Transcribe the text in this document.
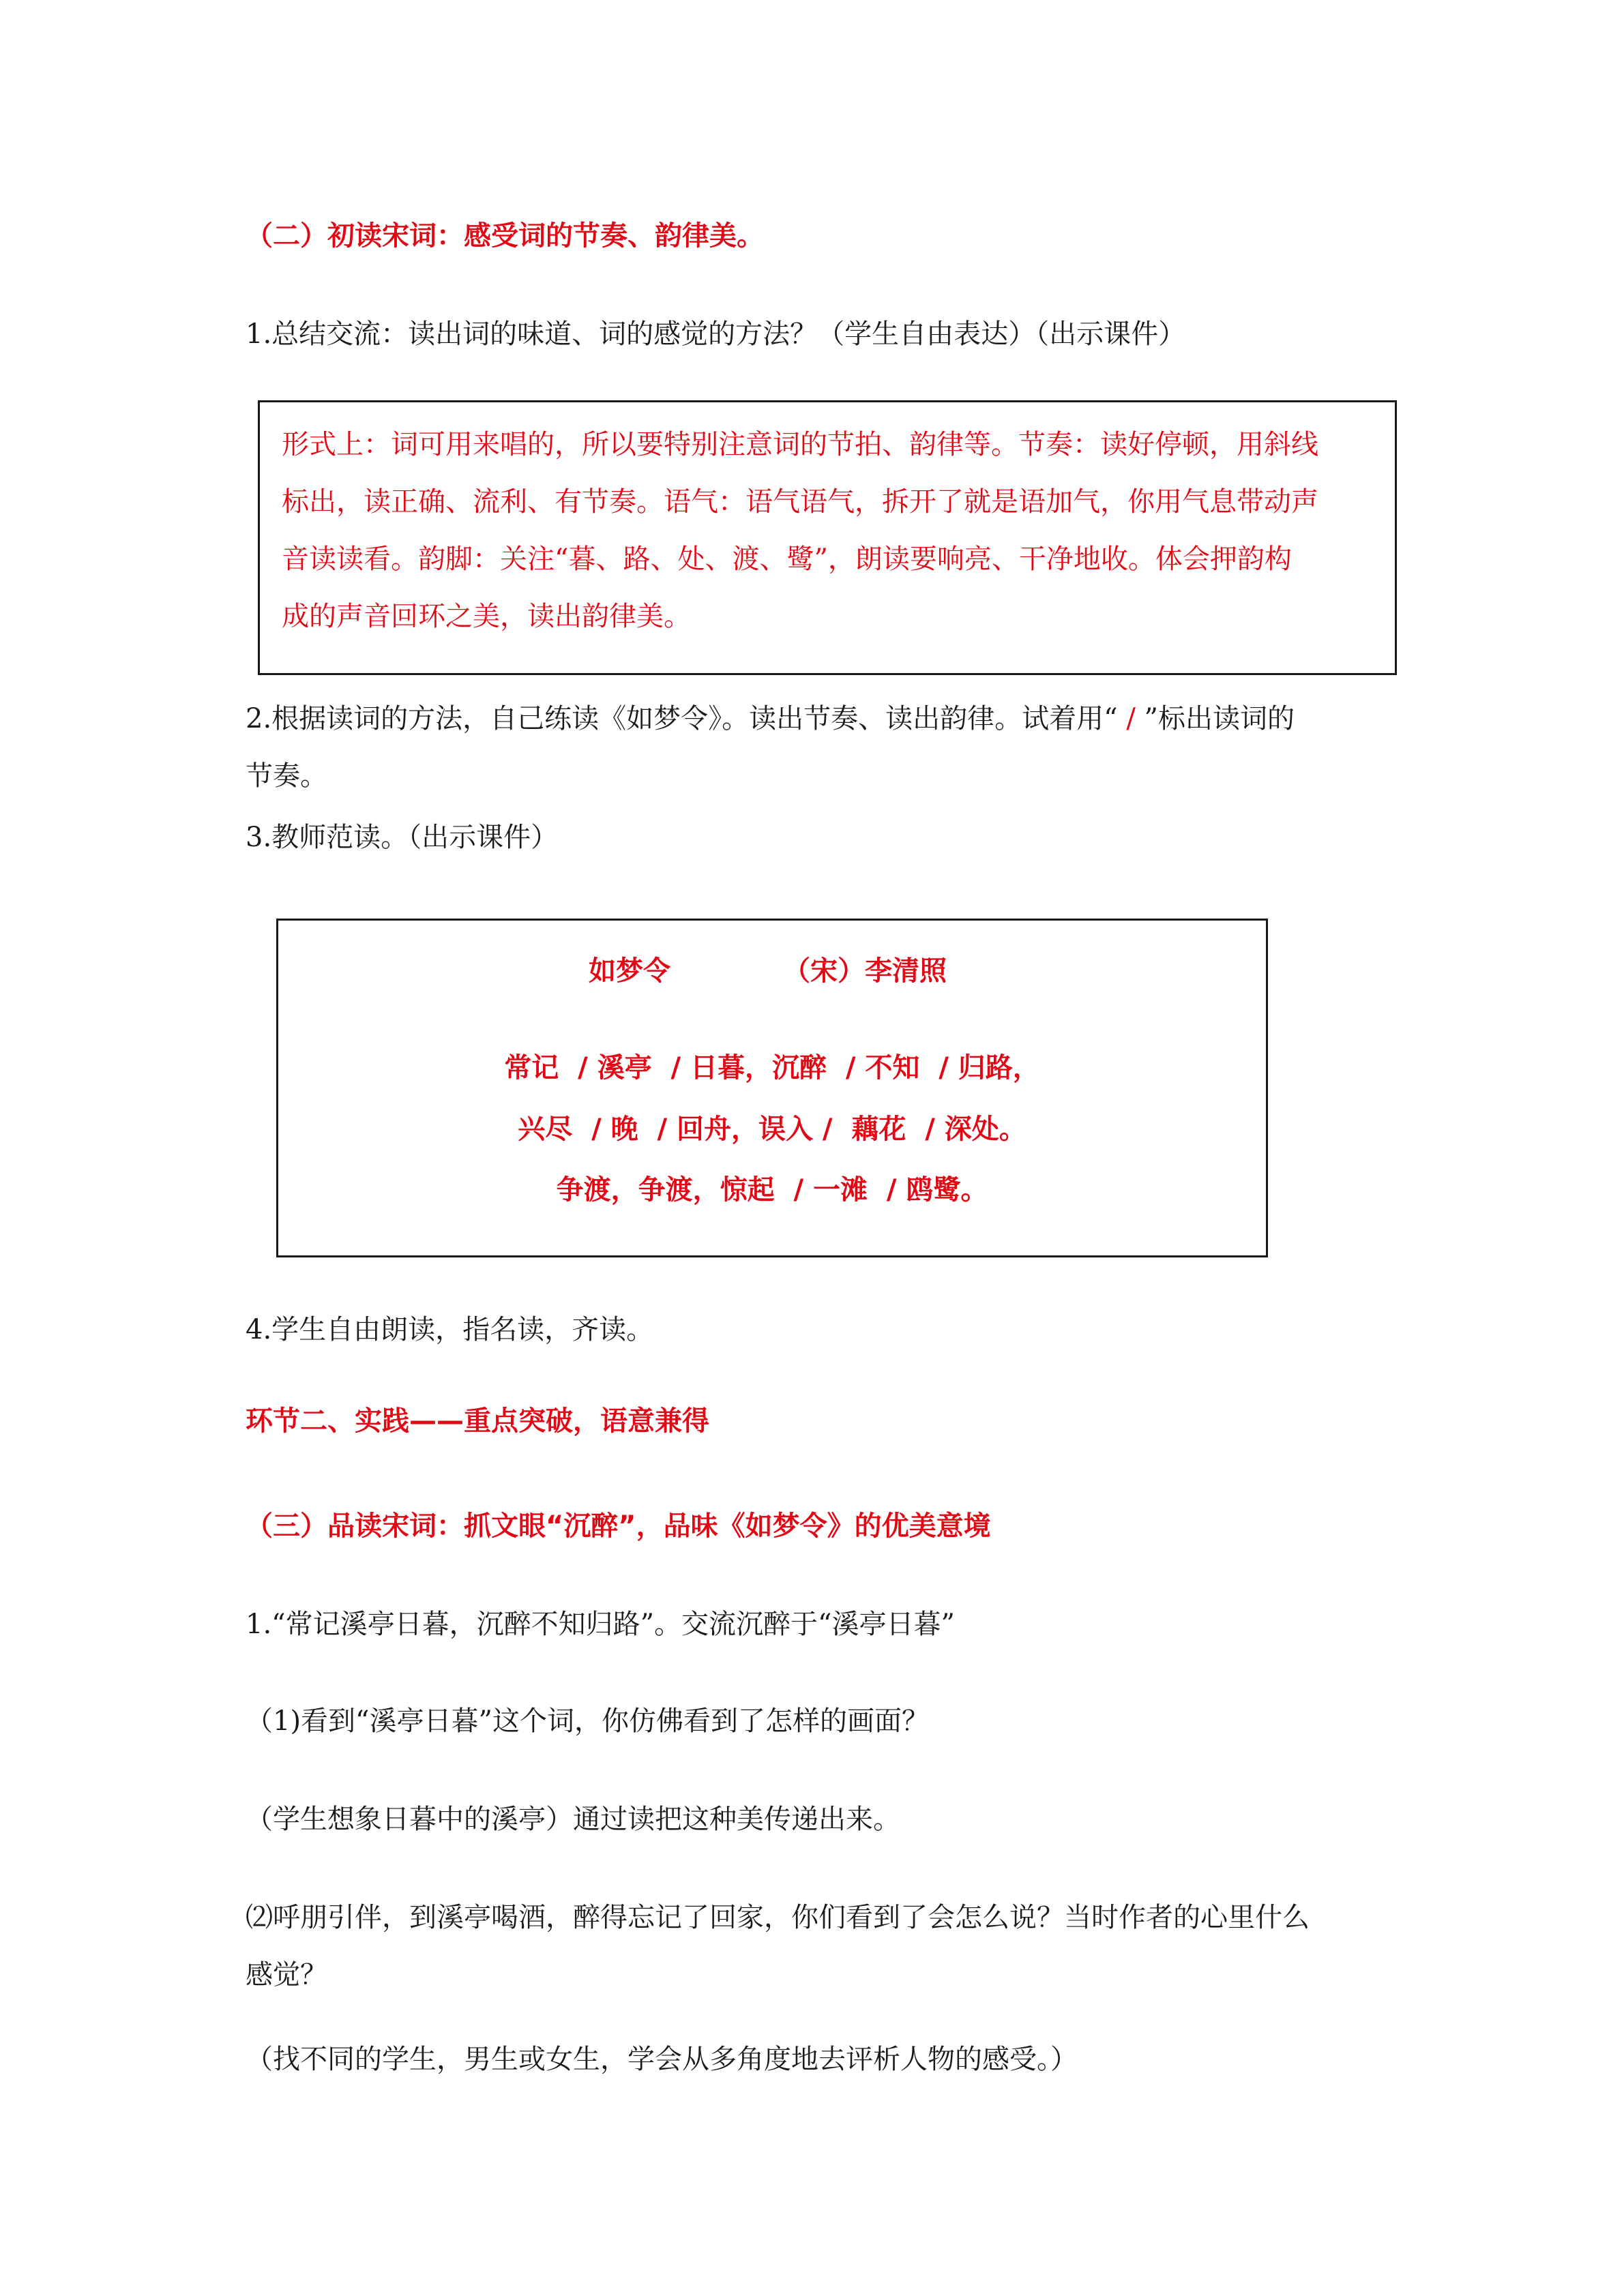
（二）初读宋词：感受词的节奏、韵律美。
1.总结交流：读出词的味道、词的感觉的方法？（学生自由表达）（出示课件）
形式上：词可用来唱的，所以要特别注意词的节拍、韵律等。节奏：读好停顿，用斜线
标出，读正确、流利、有节奏。语气：语气语气，拆开了就是语加气，你用气息带动声
音读读看。韵脚：关注“暮、路、处、渡、鹭”，朗读要响亮、干净地收。体会押韵构
成的声音回环之美，读出韵律美。
2.根据读词的方法，自己练读《如梦令》。读出节奏、读出韵律。试着用“ / ”标出读词的
节奏。
3.教师范读。（出示课件）
如梦令	（宋）李清照
常记  / 溪亭  / 日暮，沉醉  / 不知  / 归路，
兴尽  / 晚  / 回舟，误入 /  藕花  / 深处。
争渡，争渡，惊起  / 一滩  / 鸥鹭。
4.学生自由朗读，指名读，齐读。
环节二、实践——重点突破，语意兼得
（三）品读宋词：抓文眼“沉醉”，品味《如梦令》的优美意境
1.“常记溪亭日暮，沉醉不知归路”。交流沉醉于“溪亭日暮”
（1)看到“溪亭日暮”这个词，你仿佛看到了怎样的画面？
（学生想象日暮中的溪亭）通过读把这种美传递出来。
⑵呼朋引伴，到溪亭喝酒，醉得忘记了回家，你们看到了会怎么说？当时作者的心里什么
感觉？
（找不同的学生，男生或女生，学会从多角度地去评析人物的感受。）
